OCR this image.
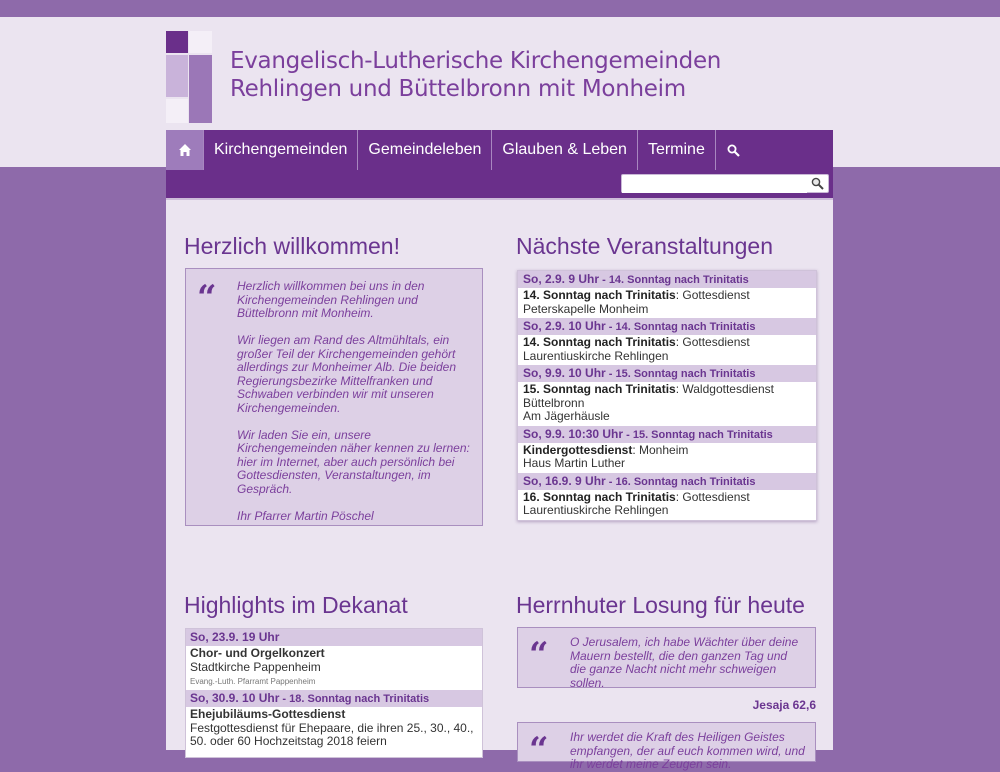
Evangelisch-Lutherische Kirchengemeinden
Rehlingen und Büttelbronn mit Monheim
Kirchengemeinden	Gemeindeleben	Glauben & Leben	Termine
Herzlich willkommen!
“ Herzlich willkommen bei uns in den Kirchengemeinden Rehlingen und Büttelbronn mit Monheim.

Wir liegen am Rand des Altmühltals, ein großer Teil der Kirchengemeinden gehört allerdings zur Monheimer Alb. Die beiden Regierungsbezirke Mittelfranken und Schwaben verbinden wir mit unseren Kirchengemeinden.

Wir laden Sie ein, unsere Kirchengemeinden näher kennen zu lernen: hier im Internet, aber auch persönlich bei Gottesdiensten, Veranstaltungen, im Gespräch.

Ihr Pfarrer Martin Pöschel

Nächste Veranstaltungen
So, 2.9. 9 Uhr - 14. Sonntag nach Trinitatis
14. Sonntag nach Trinitatis: Gottesdienst
Peterskapelle Monheim
So, 2.9. 10 Uhr - 14. Sonntag nach Trinitatis
14. Sonntag nach Trinitatis: Gottesdienst
Laurentiuskirche Rehlingen
So, 9.9. 10 Uhr - 15. Sonntag nach Trinitatis
15. Sonntag nach Trinitatis: Waldgottesdienst
Büttelbronn
Am Jägerhäusle
So, 9.9. 10:30 Uhr - 15. Sonntag nach Trinitatis
Kindergottesdienst: Monheim
Haus Martin Luther
So, 16.9. 9 Uhr - 16. Sonntag nach Trinitatis
16. Sonntag nach Trinitatis: Gottesdienst
Laurentiuskirche Rehlingen
Highlights im Dekanat
So, 23.9. 19 Uhr
Chor- und Orgelkonzert
Stadtkirche Pappenheim
Evang.-Luth. Pfarramt Pappenheim
So, 30.9. 10 Uhr - 18. Sonntag nach Trinitatis
Ehejubiläums-Gottesdienst
Festgottesdienst für Ehepaare, die ihren 25., 30., 40., 50. oder 60 Hochzeitstag 2018 feiern
Herrnhuter Losung für heute
“ O Jerusalem, ich habe Wächter über deine Mauern bestellt, die den ganzen Tag und die ganze Nacht nicht mehr schweigen sollen.
Jesaja 62,6
“ Ihr werdet die Kraft des Heiligen Geistes empfangen, der auf euch kommen wird, und ihr werdet meine Zeugen sein.
